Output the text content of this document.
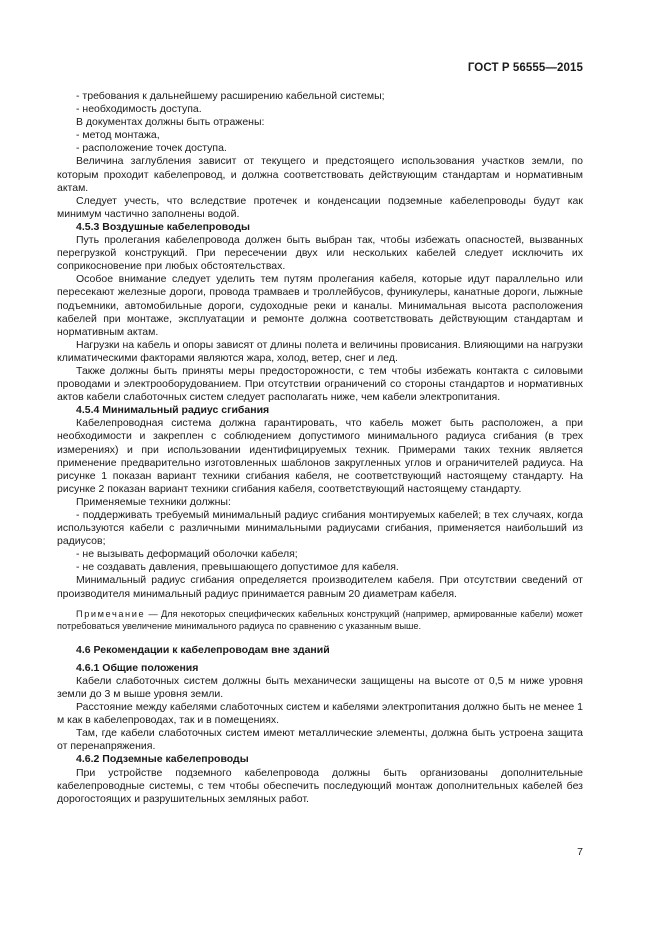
ГОСТ Р 56555—2015

- требования к дальнейшему расширению кабельной системы;

- необходимость доступа.

В документах должны быть отражены:

- метод монтажа,

- расположение точек доступа.

Величина заглубления зависит от текущего и предстоящего использования участков земли, по которым проходит кабелепровод, и должна соответствовать действующим стандартам и нормативным актам.

Следует учесть, что вследствие протечек и конденсации подземные кабелепроводы будут как минимум частично заполнены водой.

4.5.3 Воздушные кабелепроводы

Путь пролегания кабелепровода должен быть выбран так, чтобы избежать опасностей, вызванных перегрузкой конструкций. При пересечении двух или нескольких кабелей следует исключить их соприкосновение при любых обстоятельствах.

Особое внимание следует уделить тем путям пролегания кабеля, которые идут параллельно или пересекают железные дороги, провода трамваев и троллейбусов, фуникулеры, канатные дороги, лыжные подъемники, автомобильные дороги, судоходные реки и каналы. Минимальная высота расположения кабелей при монтаже, эксплуатации и ремонте должна соответствовать действующим стандартам и нормативным актам.

Нагрузки на кабель и опоры зависят от длины полета и величины провисания. Влияющими на нагрузки климатическими факторами являются жара, холод, ветер, снег и лед.

Также должны быть приняты меры предосторожности, с тем чтобы избежать контакта с силовыми проводами и электрооборудованием. При отсутствии ограничений со стороны стандартов и нормативных актов кабели слаботочных систем следует располагать ниже, чем кабели электропитания.

4.5.4 Минимальный радиус сгибания

Кабелепроводная система должна гарантировать, что кабель может быть расположен, а при необходимости и закреплен с соблюдением допустимого минимального радиуса сгибания (в трех измерениях) и при использовании идентифицируемых техник. Примерами таких техник является применение предварительно изготовленных шаблонов закругленных углов и ограничителей радиуса. На рисунке 1 показан вариант техники сгибания кабеля, не соответствующий настоящему стандарту. На рисунке 2 показан вариант техники сгибания кабеля, соответствующий настоящему стандарту.

Применяемые техники должны:

- поддерживать требуемый минимальный радиус сгибания монтируемых кабелей; в тех случаях, когда используются кабели с различными минимальными радиусами сгибания, применяется наибольший из радиусов;

- не вызывать деформаций оболочки кабеля;

- не создавать давления, превышающего допустимое для кабеля.

Минимальный радиус сгибания определяется производителем кабеля. При отсутствии сведений от производителя минимальный радиус принимается равным 20 диаметрам кабеля.

Примечание — Для некоторых специфических кабельных конструкций (например, армированные кабели) может потребоваться увеличение минимального радиуса по сравнению с указанным выше.

4.6 Рекомендации к кабелепроводам вне зданий

4.6.1 Общие положения

Кабели слаботочных систем должны быть механически защищены на высоте от 0,5 м ниже уровня земли до 3 м выше уровня земли.

Расстояние между кабелями слаботочных систем и кабелями электропитания должно быть не менее 1 м как в кабелепроводах, так и в помещениях.

Там, где кабели слаботочных систем имеют металлические элементы, должна быть устроена защита от перенапряжения.

4.6.2 Подземные кабелепроводы

При устройстве подземного кабелепровода должны быть организованы дополнительные кабелепроводные системы, с тем чтобы обеспечить последующий монтаж дополнительных кабелей без дорогостоящих и разрушительных земляных работ.

7
